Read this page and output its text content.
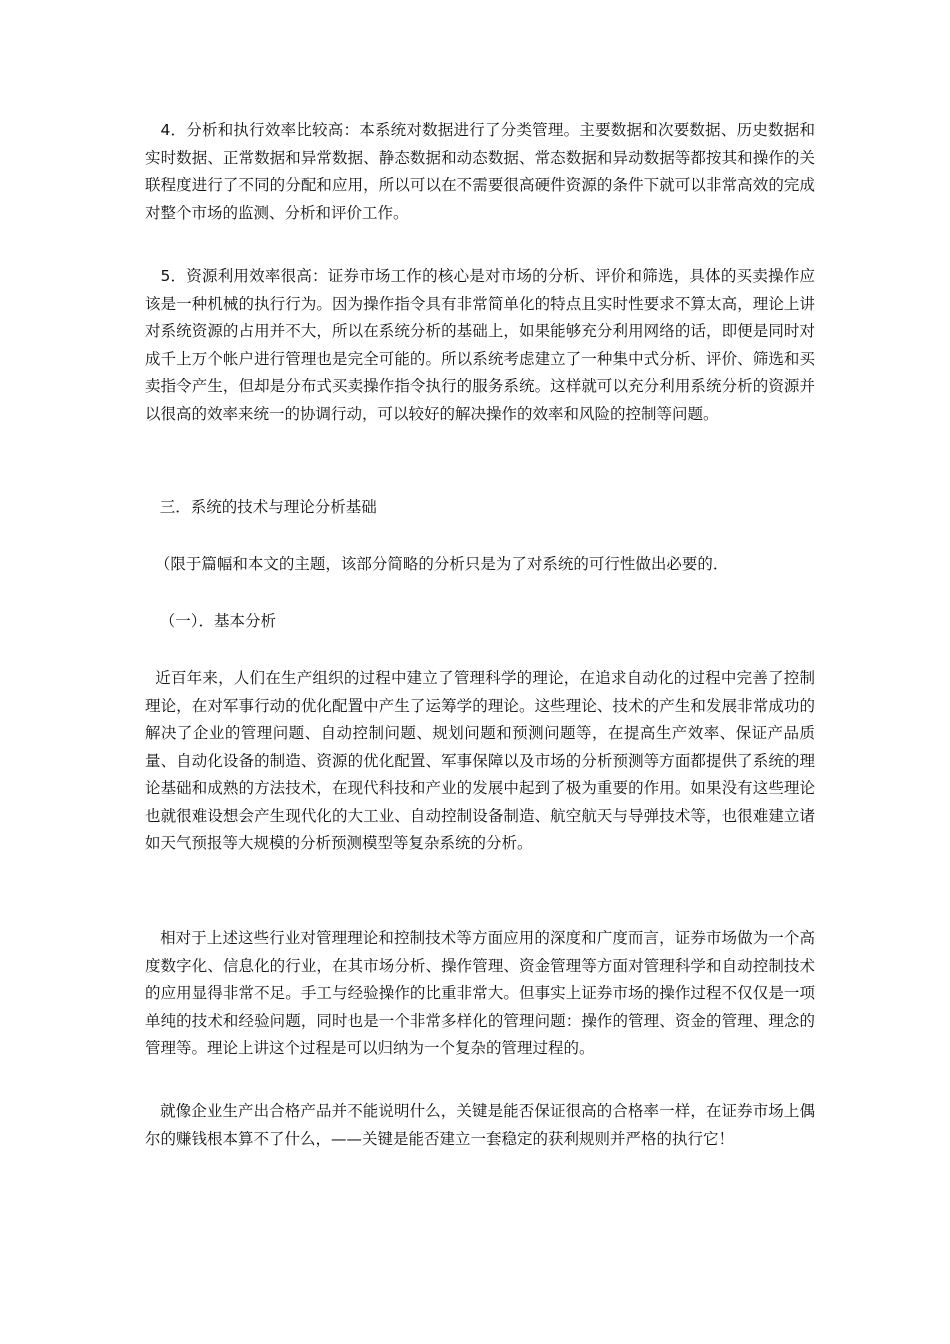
4．分析和执行效率比较高：本系统对数据进行了分类管理。主要数据和次要数据、历史数据和实时数据、正常数据和异常数据、静态数据和动态数据、常态数据和异动数据等都按其和操作的关联程度进行了不同的分配和应用，所以可以在不需要很高硬件资源的条件下就可以非常高效的完成对整个市场的监测、分析和评价工作。

5．资源利用效率很高：证券市场工作的核心是对市场的分析、评价和筛选，具体的买卖操作应该是一种机械的执行行为。因为操作指令具有非常简单化的特点且实时性要求不算太高，理论上讲对系统资源的占用并不大，所以在系统分析的基础上，如果能够充分利用网络的话，即便是同时对成千上万个帐户进行管理也是完全可能的。所以系统考虑建立了一种集中式分析、评价、筛选和买卖指令产生，但却是分布式买卖操作指令执行的服务系统。这样就可以充分利用系统分析的资源并以很高的效率来统一的协调行动，可以较好的解决操作的效率和风险的控制等问题。

三．系统的技术与理论分析基础

（限于篇幅和本文的主题，该部分简略的分析只是为了对系统的可行性做出必要的．

（一）．基本分析

近百年来，人们在生产组织的过程中建立了管理科学的理论，在追求自动化的过程中完善了控制理论，在对军事行动的优化配置中产生了运筹学的理论。这些理论、技术的产生和发展非常成功的解决了企业的管理问题、自动控制问题、规划问题和预测问题等，在提高生产效率、保证产品质量、自动化设备的制造、资源的优化配置、军事保障以及市场的分析预测等方面都提供了系统的理论基础和成熟的方法技术，在现代科技和产业的发展中起到了极为重要的作用。如果没有这些理论也就很难设想会产生现代化的大工业、自动控制设备制造、航空航天与导弹技术等，也很难建立诸如天气预报等大规模的分析预测模型等复杂系统的分析。

相对于上述这些行业对管理理论和控制技术等方面应用的深度和广度而言，证券市场做为一个高度数字化、信息化的行业，在其市场分析、操作管理、资金管理等方面对管理科学和自动控制技术的应用显得非常不足。手工与经验操作的比重非常大。但事实上证券市场的操作过程不仅仅是一项单纯的技术和经验问题，同时也是一个非常多样化的管理问题：操作的管理、资金的管理、理念的管理等。理论上讲这个过程是可以归纳为一个复杂的管理过程的。

就像企业生产出合格产品并不能说明什么，关键是能否保证很高的合格率一样，在证券市场上偶尔的赚钱根本算不了什么，——关键是能否建立一套稳定的获利规则并严格的执行它！
